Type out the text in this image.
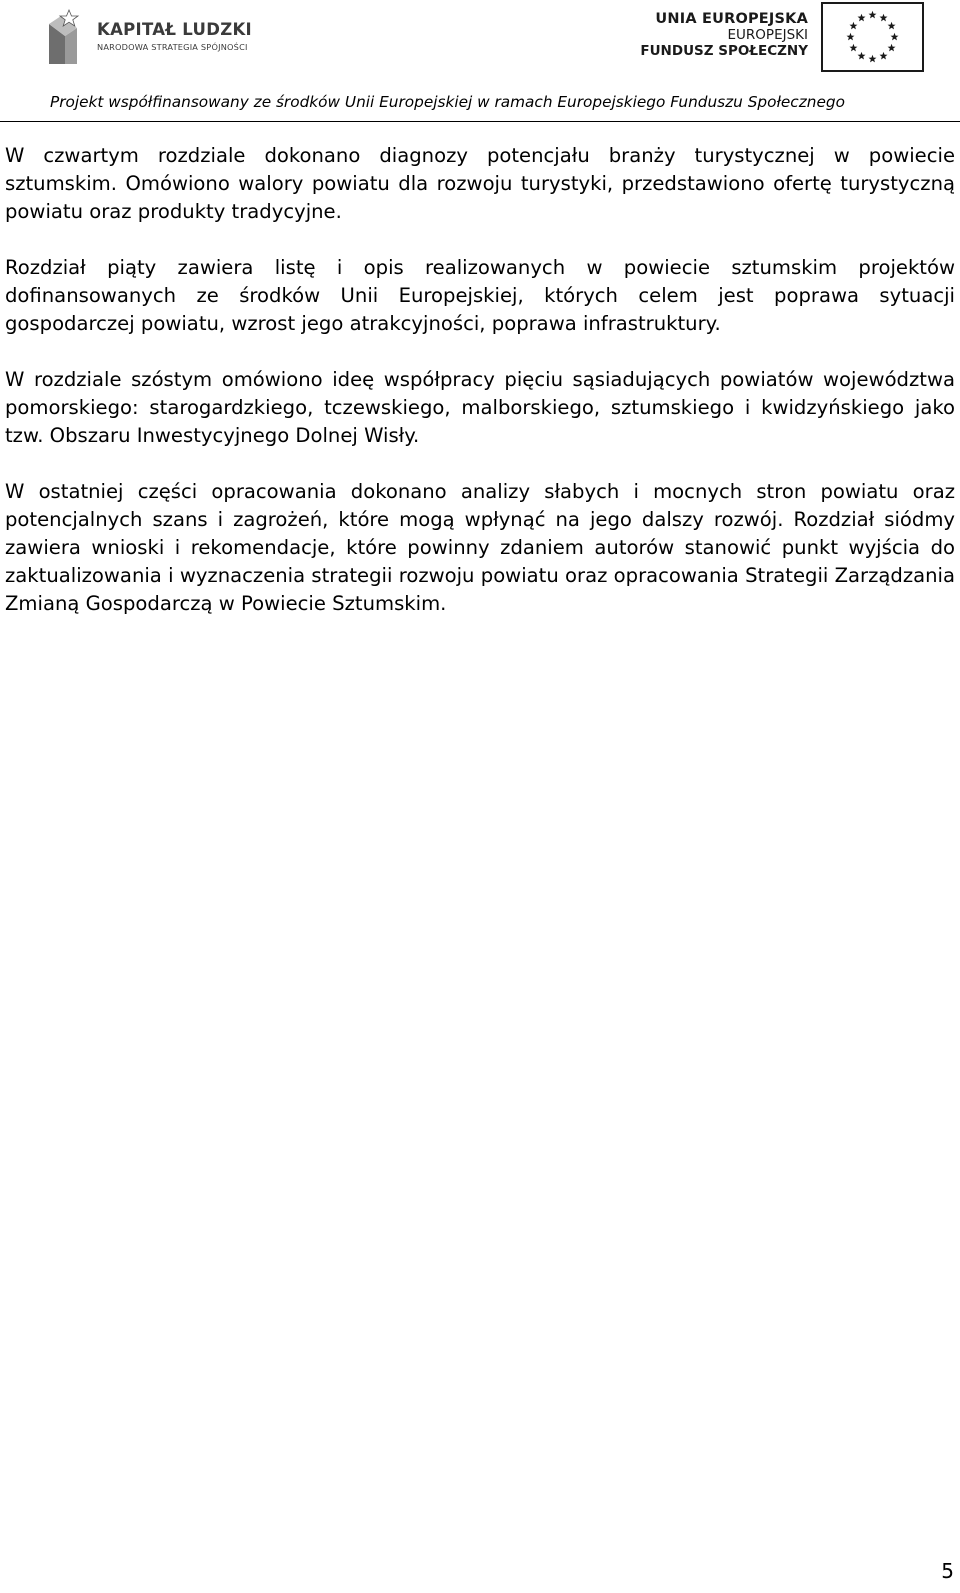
KAPITAŁ LUDZKI
NARODOWA STRATEGIA SPÓJNOŚCI
UNIA EUROPEJSKA
EUROPEJSKI
FUNDUSZ SPOŁECZNY
Projekt współfinansowany ze środków Unii Europejskiej w ramach Europejskiego Funduszu Społecznego

W czwartym rozdziale dokonano diagnozy potencjału branży turystycznej w powiecie sztumskim. Omówiono walory powiatu dla rozwoju turystyki, przedstawiono ofertę turystyczną powiatu oraz produkty tradycyjne.

Rozdział piąty zawiera listę i opis realizowanych w powiecie sztumskim projektów dofinansowanych ze środków Unii Europejskiej, których celem jest poprawa sytuacji gospodarczej powiatu, wzrost jego atrakcyjności, poprawa infrastruktury.

W rozdziale szóstym omówiono ideę współpracy pięciu sąsiadujących powiatów województwa pomorskiego: starogardzkiego, tczewskiego, malborskiego, sztumskiego i kwidzyńskiego jako tzw. Obszaru Inwestycyjnego Dolnej Wisły.

W ostatniej części opracowania dokonano analizy słabych i mocnych stron powiatu oraz potencjalnych szans i zagrożeń, które mogą wpłynąć na jego dalszy rozwój. Rozdział siódmy zawiera wnioski i rekomendacje, które powinny zdaniem autorów stanowić punkt wyjścia do zaktualizowania i wyznaczenia strategii rozwoju powiatu oraz opracowania Strategii Zarządzania Zmianą Gospodarczą w Powiecie Sztumskim.

5
